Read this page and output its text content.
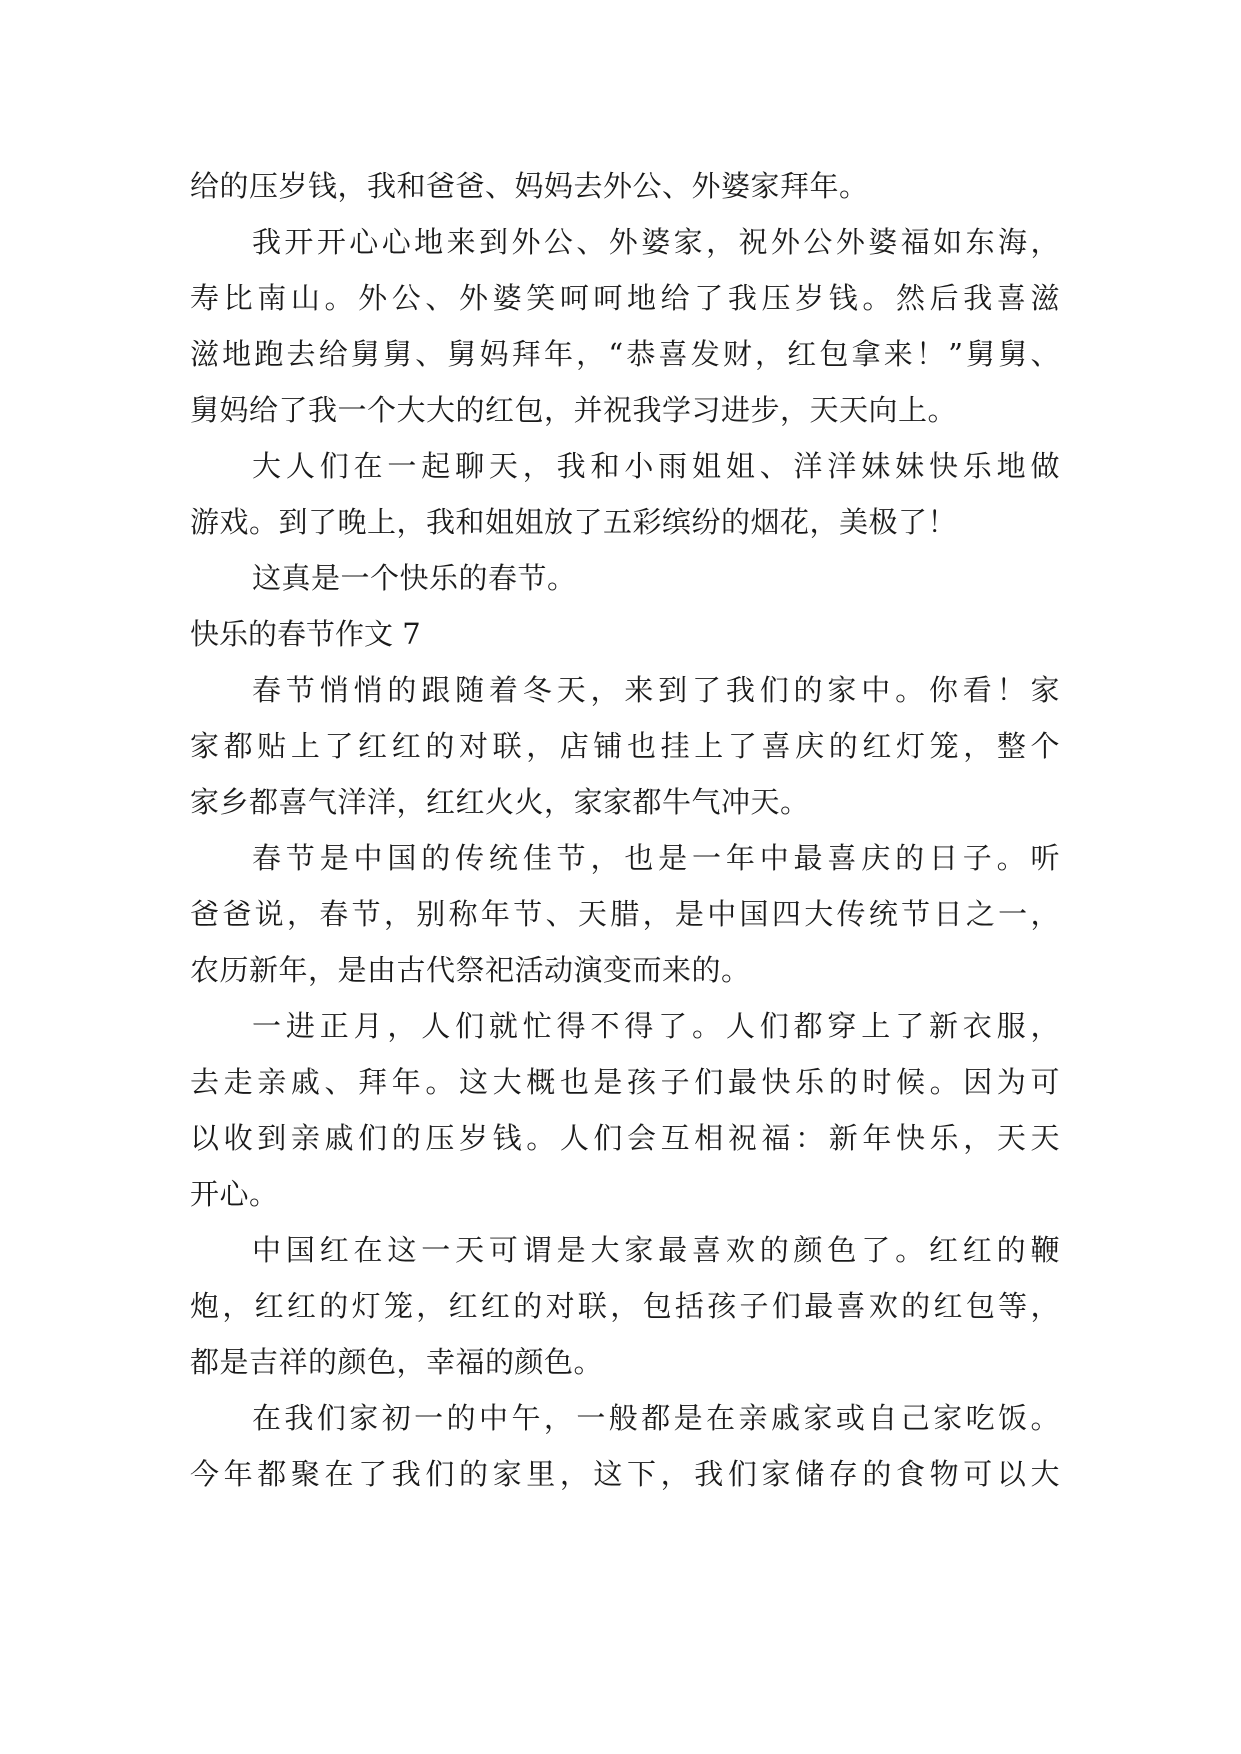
给的压岁钱，我和爸爸、妈妈去外公、外婆家拜年。
我开开心心地来到外公、外婆家，祝外公外婆福如东海，
寿比南山。外公、外婆笑呵呵地给了我压岁钱。然后我喜滋
滋地跑去给舅舅、舅妈拜年，“恭喜发财，红包拿来！”舅舅、
舅妈给了我一个大大的红包，并祝我学习进步，天天向上。
大人们在一起聊天，我和小雨姐姐、洋洋妹妹快乐地做
游戏。到了晚上，我和姐姐放了五彩缤纷的烟花，美极了！
这真是一个快乐的春节。
快乐的春节作文 7
春节悄悄的跟随着冬天，来到了我们的家中。你看！家
家都贴上了红红的对联，店铺也挂上了喜庆的红灯笼，整个
家乡都喜气洋洋，红红火火，家家都牛气冲天。
春节是中国的传统佳节，也是一年中最喜庆的日子。听
爸爸说，春节，别称年节、天腊，是中国四大传统节日之一，
农历新年，是由古代祭祀活动演变而来的。
一进正月，人们就忙得不得了。人们都穿上了新衣服，
去走亲戚、拜年。这大概也是孩子们最快乐的时候。因为可
以收到亲戚们的压岁钱。人们会互相祝福：新年快乐，天天
开心。
中国红在这一天可谓是大家最喜欢的颜色了。红红的鞭
炮，红红的灯笼，红红的对联，包括孩子们最喜欢的红包等，
都是吉祥的颜色，幸福的颜色。
在我们家初一的中午，一般都是在亲戚家或自己家吃饭。
今年都聚在了我们的家里，这下，我们家储存的食物可以大
